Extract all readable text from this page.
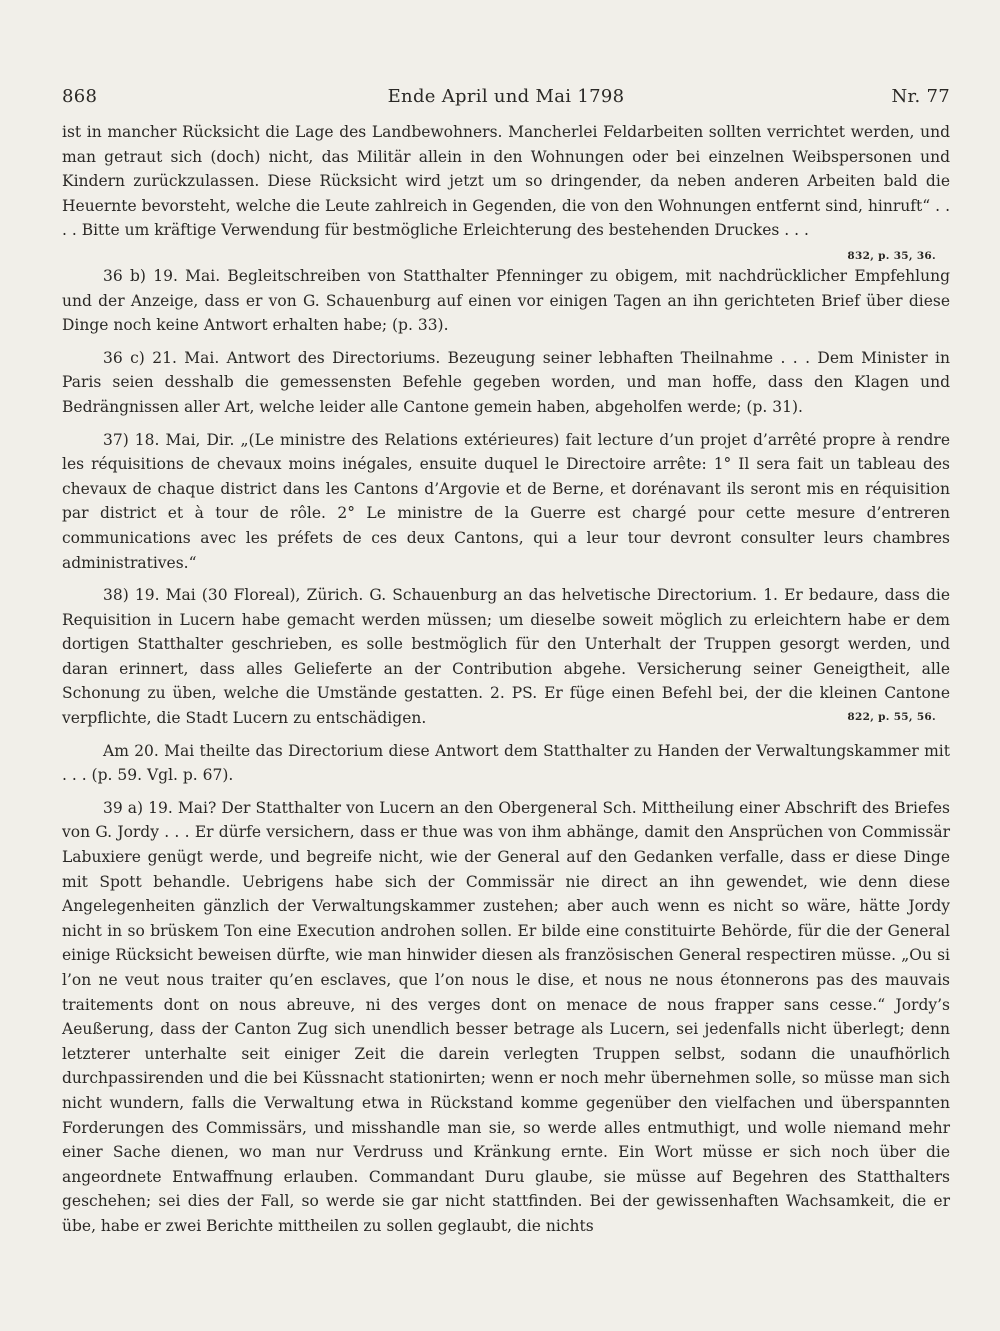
868	Ende April und Mai 1798	Nr. 77

ist in mancher Rücksicht die Lage des Landbewohners. Mancherlei Feldarbeiten sollten verrichtet werden, und man getraut sich (doch) nicht, das Militär allein in den Wohnungen oder bei einzelnen Weibspersonen und Kindern zurückzulassen. Diese Rücksicht wird jetzt um so dringender, da neben anderen Arbeiten bald die Heuernte bevorsteht, welche die Leute zahlreich in Gegenden, die von den Wohnungen entfernt sind, hinruft“ . . . . Bitte um kräftige Verwendung für bestmögliche Erleichterung des bestehenden Druckes . . .

832, p. 35, 36.

36 b) 19. Mai. Begleitschreiben von Statthalter Pfenninger zu obigem, mit nachdrücklicher Empfehlung und der Anzeige, dass er von G. Schauenburg auf einen vor einigen Tagen an ihn gerichteten Brief über diese Dinge noch keine Antwort erhalten habe; (p. 33).

36 c) 21. Mai. Antwort des Directoriums. Bezeugung seiner lebhaften Theilnahme . . . Dem Minister in Paris seien desshalb die gemessensten Befehle gegeben worden, und man hoffe, dass den Klagen und Bedrängnissen aller Art, welche leider alle Cantone gemein haben, abgeholfen werde; (p. 31).

37) 18. Mai, Dir. „(Le ministre des Relations extérieures) fait lecture d’un projet d’arrêté propre à rendre les réquisitions de chevaux moins inégales, ensuite duquel le Directoire arrête: 1° Il sera fait un tableau des chevaux de chaque district dans les Cantons d’Argovie et de Berne, et dorénavant ils seront mis en réquisition par district et à tour de rôle. 2° Le ministre de la Guerre est chargé pour cette mesure d’entreren communications avec les préfets de ces deux Cantons, qui a leur tour devront consulter leurs chambres administratives.“

38) 19. Mai (30 Floreal), Zürich. G. Schauenburg an das helvetische Directorium. 1. Er bedaure, dass die Requisition in Lucern habe gemacht werden müssen; um dieselbe soweit möglich zu erleichtern habe er dem dortigen Statthalter geschrieben, es solle bestmöglich für den Unterhalt der Truppen gesorgt werden, und daran erinnert, dass alles Gelieferte an der Contribution abgehe. Versicherung seiner Geneigtheit, alle Schonung zu üben, welche die Umstände gestatten. 2. PS. Er füge einen Befehl bei, der die kleinen Cantone verpflichte, die Stadt Lucern zu entschädigen.	822, p. 55, 56.

Am 20. Mai theilte das Directorium diese Antwort dem Statthalter zu Handen der Verwaltungskammer mit . . . (p. 59. Vgl. p. 67).

39 a) 19. Mai? Der Statthalter von Lucern an den Obergeneral Sch. Mittheilung einer Abschrift des Briefes von G. Jordy . . . Er dürfe versichern, dass er thue was von ihm abhänge, damit den Ansprüchen von Commissär Labuxiere genügt werde, und begreife nicht, wie der General auf den Gedanken verfalle, dass er diese Dinge mit Spott behandle. Uebrigens habe sich der Commissär nie direct an ihn gewendet, wie denn diese Angelegenheiten gänzlich der Verwaltungskammer zustehen; aber auch wenn es nicht so wäre, hätte Jordy nicht in so brüskem Ton eine Execution androhen sollen. Er bilde eine constituirte Behörde, für die der General einige Rücksicht beweisen dürfte, wie man hinwider diesen als französischen General respectiren müsse. „Ou si l’on ne veut nous traiter qu’en esclaves, que l’on nous le dise, et nous ne nous étonnerons pas des mauvais traitements dont on nous abreuve, ni des verges dont on menace de nous frapper sans cesse.“ Jordy’s Aeußerung, dass der Canton Zug sich unendlich besser betrage als Lucern, sei jedenfalls nicht überlegt; denn letzterer unterhalte seit einiger Zeit die darein verlegten Truppen selbst, sodann die unaufhörlich durchpassirenden und die bei Küssnacht stationirten; wenn er noch mehr übernehmen solle, so müsse man sich nicht wundern, falls die Verwaltung etwa in Rückstand komme gegenüber den vielfachen und überspannten Forderungen des Commissärs, und misshandle man sie, so werde alles entmuthigt, und wolle niemand mehr einer Sache dienen, wo man nur Verdruss und Kränkung ernte. Ein Wort müsse er sich noch über die angeordnete Entwaffnung erlauben. Commandant Duru glaube, sie müsse auf Begehren des Statthalters geschehen; sei dies der Fall, so werde sie gar nicht stattfinden. Bei der gewissenhaften Wachsamkeit, die er übe, habe er zwei Berichte mittheilen zu sollen geglaubt, die nichts
